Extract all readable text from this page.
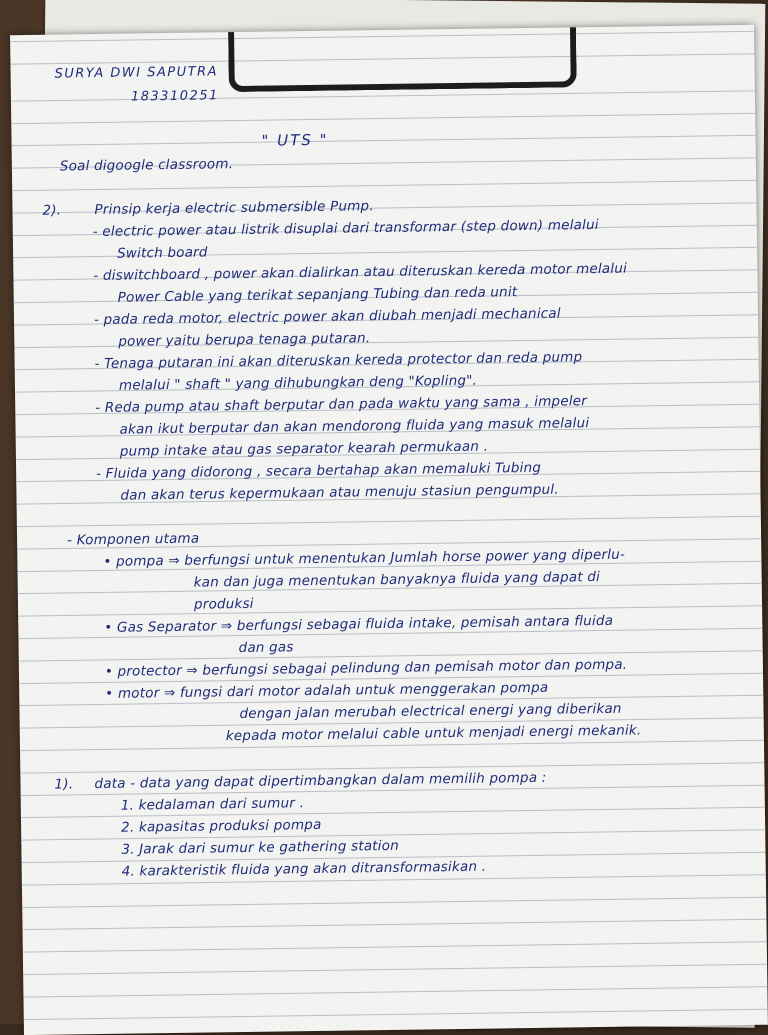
SURYA DWI SAPUTRA
183310251
" UTS "
Soal digoogle classroom.
2). Prinsip kerja electric submersible Pump.
- electric power atau listrik disuplai dari transformar (step down) melalui
Switch board
- diswitchboard , power akan dialirkan atau diteruskan kereda motor melalui
Power Cable yang terikat sepanjang Tubing dan reda unit
- pada reda motor, electric power akan diubah menjadi mechanical
power yaitu berupa tenaga putaran.
- Tenaga putaran ini akan diteruskan kereda protector dan reda pump
melalui " shaft " yang dihubungkan deng "Kopling".
- Reda pump atau shaft berputar dan pada waktu yang sama , impeler
akan ikut berputar dan akan mendorong fluida yang masuk melalui
pump intake atau gas separator kearah permukaan .
- Fluida yang didorong , secara bertahap akan memaluki Tubing
dan akan terus kepermukaan atau menuju stasiun pengumpul.
- Komponen utama
• pompa ⇒ berfungsi untuk menentukan Jumlah horse power yang diperlu-
kan dan juga menentukan banyaknya fluida yang dapat di
produksi
• Gas Separator ⇒ berfungsi sebagai fluida intake, pemisah antara fluida
dan gas
• protector ⇒ berfungsi sebagai pelindung dan pemisah motor dan pompa.
• motor ⇒ fungsi dari motor adalah untuk menggerakan pompa
dengan jalan merubah electrical energi yang diberikan
kepada motor melalui cable untuk menjadi energi mekanik.
1). data - data yang dapat dipertimbangkan dalam memilih pompa :
1. kedalaman dari sumur .
2. kapasitas produksi pompa
3. Jarak dari sumur ke gathering station
4. karakteristik fluida yang akan ditransformasikan .
